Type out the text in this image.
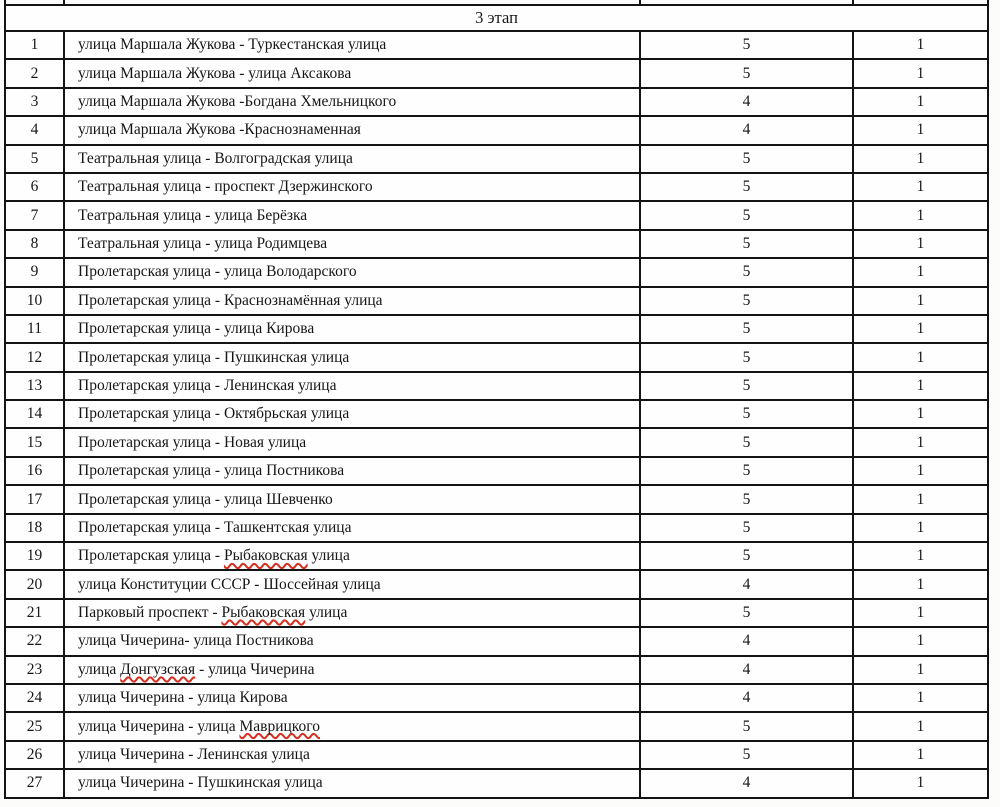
3 этап			
1	улица Маршала Жукова - Туркестанская улица	5	1
2	улица Маршала Жукова - улица Аксакова	5	1
3	улица Маршала Жукова -Богдана Хмельницкого	4	1
4	улица Маршала Жукова -Краснознаменная	4	1
5	Театральная улица - Волгоградская улица	5	1
6	Театральная улица - проспект Дзержинского	5	1
7	Театральная улица - улица Берёзка	5	1
8	Театральная улица - улица Родимцева	5	1
9	Пролетарская улица - улица Володарского	5	1
10	Пролетарская улица - Краснознамённая улица	5	1
11	Пролетарская улица - улица Кирова	5	1
12	Пролетарская улица - Пушкинская улица	5	1
13	Пролетарская улица - Ленинская улица	5	1
14	Пролетарская улица - Октябрьская улица	5	1
15	Пролетарская улица - Новая улица	5	1
16	Пролетарская улица - улица Постникова	5	1
17	Пролетарская улица - улица Шевченко	5	1
18	Пролетарская улица - Ташкентская улица	5	1
19	Пролетарская улица - Рыбаковская улица	5	1
20	улица Конституции СССР - Шоссейная улица	4	1
21	Парковый проспект - Рыбаковская улица	5	1
22	улица Чичерина- улица Постникова	4	1
23	улица Донгузская - улица Чичерина	4	1
24	улица Чичерина - улица Кирова	4	1
25	улица Чичерина - улица Маврицкого	5	1
26	улица Чичерина - Ленинская улица	5	1
27	улица Чичерина - Пушкинская улица	4	1
